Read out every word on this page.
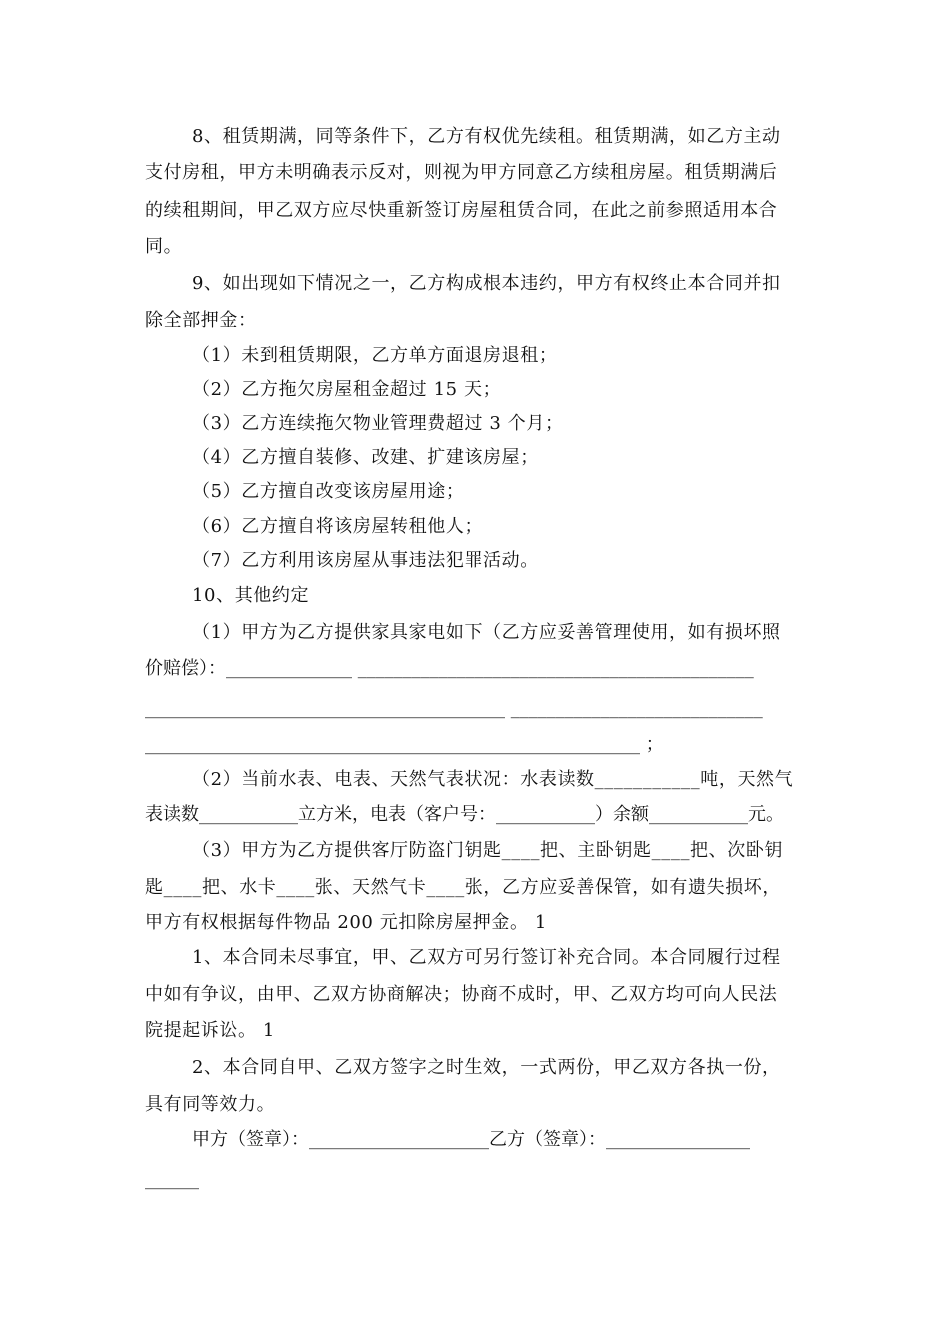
8、租赁期满，同等条件下，乙方有权优先续租。租赁期满，如乙方主动
支付房租，甲方未明确表示反对，则视为甲方同意乙方续租房屋。租赁期满后
的续租期间，甲乙双方应尽快重新签订房屋租赁合同，在此之前参照适用本合
同。
9、如出现如下情况之一，乙方构成根本违约，甲方有权终止本合同并扣
除全部押金：
（1）未到租赁期限，乙方单方面退房退租；
（2）乙方拖欠房屋租金超过 15 天；
（3）乙方连续拖欠物业管理费超过 3 个月；
（4）乙方擅自装修、改建、扩建该房屋；
（5）乙方擅自改变该房屋用途；
（6）乙方擅自将该房屋转租他人；
（7）乙方利用该房屋从事违法犯罪活动。
10、其他约定
（1）甲方为乙方提供家具家电如下（乙方应妥善管理使用，如有损坏照
价赔偿）：______________ ____________________________________________
________________________________________ ____________________________
_______________________________________________________ ；
（2）当前水表、电表、天然气表状况：水表读数___________吨，天然气
表读数___________立方米，电表（客户号：___________）余额___________元。
（3）甲方为乙方提供客厅防盗门钥匙____把、主卧钥匙____把、次卧钥
匙____把、水卡____张、天然气卡____张，乙方应妥善保管，如有遗失损坏，
甲方有权根据每件物品 200 元扣除房屋押金。 1
1、本合同未尽事宜，甲、乙双方可另行签订补充合同。本合同履行过程
中如有争议，由甲、乙双方协商解决；协商不成时，甲、乙双方均可向人民法
院提起诉讼。 1
2、本合同自甲、乙双方签字之时生效，一式两份，甲乙双方各执一份，
具有同等效力。
甲方（签章）：____________________乙方（签章）：________________
______
